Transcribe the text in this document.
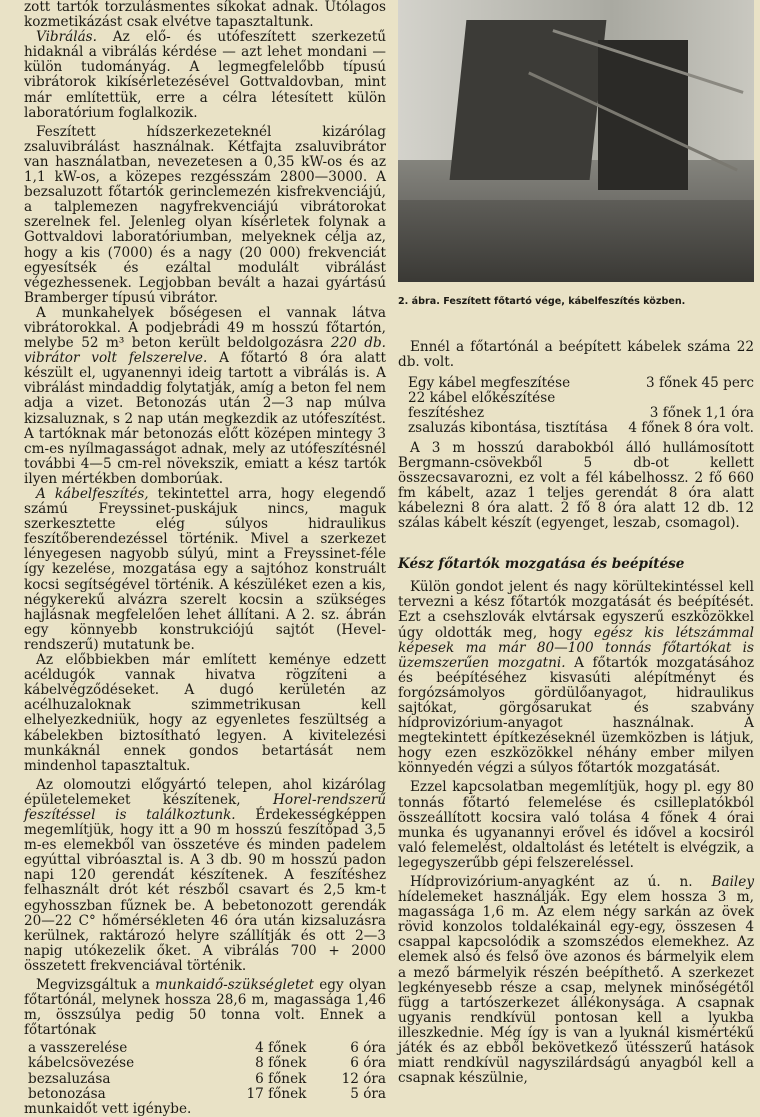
zott tartók torzulásmentes síkokat adnak. Utólagos kozmetikázást csak elvétve tapasztaltunk.

Vibrálás. Az elő- és utófeszített szerkezetű hidaknál a vibrálás kérdése — azt lehet mondani — külön tudományág. A legmegfelelőbb típusú vibrátorok kikísérletezésével Gottvaldovban, mint már említettük, erre a célra létesített külön laboratórium foglalkozik.

Feszített hídszerkezeteknél kizárólag zsaluvibrálást használnak. Kétfajta zsaluvibrátor van használatban, nevezetesen a 0,35 kW-os és az 1,1 kW-os, a közepes rezgésszám 2800—3000. A bezsaluzott főtartók gerinclemezén kisfrekvenciájú, a talplemezen nagyfrekvenciájú vibrátorokat szerelnek fel. Jelenleg olyan kísérletek folynak a Gottvaldovi laboratóriumban, melyeknek célja az, hogy a kis (7000) és a nagy (20 000) frekvenciát egyesítsék és ezáltal modulált vibrálást végezhessenek. Legjobban bevált a hazai gyártású Bramberger típusú vibrátor.

A munkahelyek bőségesen el vannak látva vibrátorokkal. A podjebrádi 49 m hosszú főtartón, melybe 52 m³ beton került beldolgozásra 220 db. vibrátor volt felszerelve. A főtartó 8 óra alatt készült el, ugyanennyi ideig tartott a vibrálás is. A vibrálást mindaddig folytatják, amíg a beton fel nem adja a vizet. Betonozás után 2—3 nap múlva kizsaluznak, s 2 nap után megkezdik az utófeszítést. A tartóknak már betonozás előtt középen mintegy 3 cm-es nyílmagasságot adnak, mely az utófeszítésnél további 4—5 cm-rel növekszik, emiatt a kész tartók ilyen mértékben domborúak.

A kábelfeszítés, tekintettel arra, hogy elegendő számú Freyssinet-puskájuk nincs, maguk szerkesztette elég súlyos hidraulikus feszítőberendezéssel történik. Mivel a szerkezet lényegesen nagyobb súlyú, mint a Freyssinet-féle így kezelése, mozgatása egy a sajtóhoz konstruált kocsi segítségével történik. A készüléket ezen a kis, négykerekű alvázra szerelt kocsin a szükséges hajlásnak megfelelően lehet állítani. A 2. sz. ábrán egy könnyebb konstrukciójú sajtót (Hevel-rendszerű) mutatunk be.

Az előbbiekben már említett keménye edzett acéldugók vannak hivatva rögzíteni a kábelvégződéseket. A dugó kerületén az acélhuzaloknak szimmetrikusan kell elhelyezkedniük, hogy az egyenletes feszültség a kábelekben biztosítható legyen. A kivitelezési munkáknál ennek gondos betartását nem mindenhol tapasztaltuk.

Az olomoutzi előgyártó telepen, ahol kizárólag épületelemeket készítenek, Horel-rendszerű feszítéssel is találkoztunk. Érdekességképpen megemlítjük, hogy itt a 90 m hosszú feszítőpad 3,5 m-es elemekből van összetéve és minden padelem egyúttal vibróasztal is. A 3 db. 90 m hosszú padon napi 120 gerendát készítenek. A feszítéshez felhasznált drót két részből csavart és 2,5 km-t egyhosszban fűznek be. A bebetonozott gerendák 20—22 C° hőmérsékleten 46 óra után kizsaluzásra kerülnek, raktározó helyre szállítják és ott 2—3 napig utókezelik őket. A vibrálás 700 + 2000 összetett frekvenciával történik.

Megvizsgáltuk a munkaidő-szükségletet egy olyan főtartónál, melynek hossza 28,6 m, magassága 1,46 m, összsúlya pedig 50 tonna volt. Ennek a főtartónak

a vasszerelése	4 főnek	6 óra
kábelcsövezése	8 főnek	6 óra
bezsaluzása	6 főnek	12 óra
betonozása	17 főnek	5 óra

munkaidőt vett igénybe.

2. ábra. Feszített főtartó vége, kábelfeszítés közben.

Ennél a főtartónál a beépített kábelek száma 22 db. volt.

Egy kábel megfeszítése	3 főnek 45 perc
22 kábel előkészítése feszítéshez	3 főnek 1,1 óra
zsaluzás kibontása, tisztítása	4 főnek 8 óra volt.

A 3 m hosszú darabokból álló hullámosított Bergmann-csövekből 5 db-ot kellett összecsavarozni, ez volt a fél kábelhossz. 2 fő 660 fm kábelt, azaz 1 teljes gerendát 8 óra alatt kábelezni 8 óra alatt. 2 fő 8 óra alatt 12 db. 12 szálas kábelt készít (egyenget, leszab, csomagol).

Kész főtartók mozgatása és beépítése

Külön gondot jelent és nagy körültekintéssel kell tervezni a kész főtartók mozgatását és beépítését. Ezt a csehszlovák elvtársak egyszerű eszközökkel úgy oldották meg, hogy egész kis létszámmal képesek ma már 80—100 tonnás főtartókat is üzemszerűen mozgatni. A főtartók mozgatásához és beépítéséhez kisvasúti alépítményt és forgózsámolyos gördülőanyagot, hidraulikus sajtókat, görgősarukat és szabvány hídprovizórium-anyagot használnak. A megtekintett építkezéseknél üzemközben is látjuk, hogy ezen eszközökkel néhány ember milyen könnyedén végzi a súlyos főtartók mozgatását.

Ezzel kapcsolatban megemlítjük, hogy pl. egy 80 tonnás főtartó felemelése és csilleplatókból összeállított kocsira való tolása 4 főnek 4 órai munka és ugyanannyi erővel és idővel a kocsiról való felemelést, oldaltolást és letételt is elvégzik, a legegyszerűbb gépi felszereléssel.

Hídprovizórium-anyagként az ú. n. Bailey hídelemeket használják. Egy elem hossza 3 m, magassága 1,6 m. Az elem négy sarkán az övek rövid konzolos toldalékainál egy-egy, összesen 4 csappal kapcsolódik a szomszédos elemekhez. Az elemek alsó és felső öve azonos és bármelyik elem a mező bármelyik részén beépíthető. A szerkezet legkényesebb része a csap, melynek minőségétől függ a tartószerkezet állékonysága. A csapnak ugyanis rendkívül pontosan kell a lyukba illeszkednie. Még így is van a lyuknál kismértékű játék és az ebből bekövetkező ütésszerű hatások miatt rendkívül nagyszilárdságú anyagból kell a csapnak készülnie,
